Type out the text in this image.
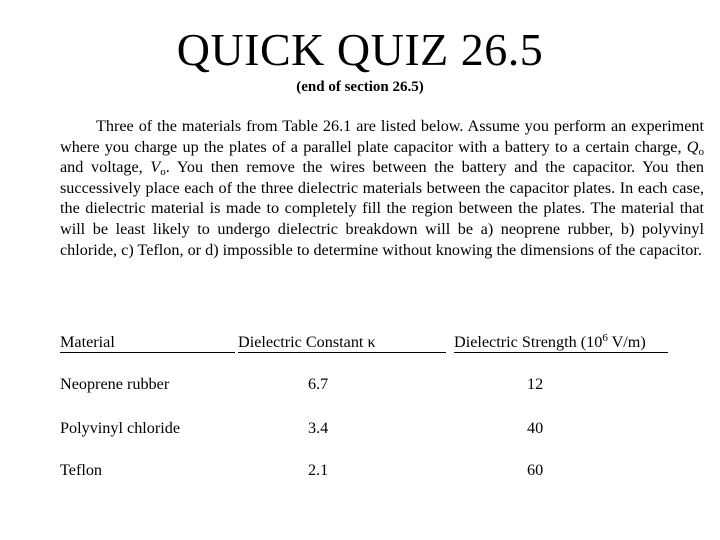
QUICK QUIZ 26.5
(end of section 26.5)
Three of the materials from Table 26.1 are listed below. Assume you perform an experiment where you charge up the plates of a parallel plate capacitor with a battery to a certain charge, $Q_o$ and voltage, $V_o$. You then remove the wires between the battery and the capacitor. You then successively place each of the three dielectric materials between the capacitor plates. In each case, the dielectric material is made to completely fill the region between the plates. The material that will be least likely to undergo dielectric breakdown will be a) neoprene rubber, b) polyvinyl chloride, c) Teflon, or d) impossible to determine without knowing the dimensions of the capacitor.
Material	Dielectric Constant κ	Dielectric Strength ($10^6$ V/m)
Neoprene rubber	6.7	12
Polyvinyl chloride	3.4	40
Teflon	2.1	60
